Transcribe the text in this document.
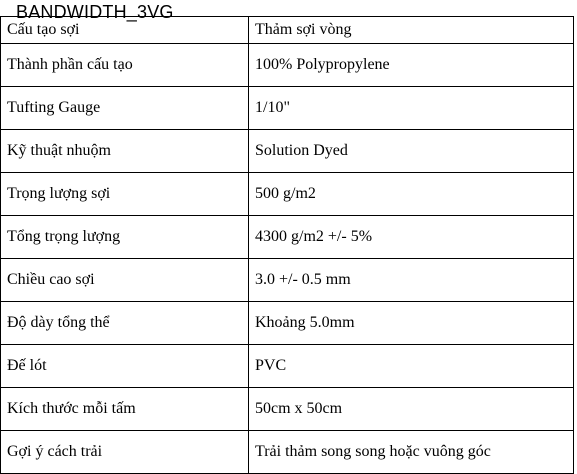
Cấu tạo sợi	Thảm sợi vòng
Thành phần cấu tạo	100% Polypropylene
Tufting Gauge	1/10"
Kỹ thuật nhuộm	Solution Dyed
Trọng lượng sợi	500 g/m2
Tổng trọng lượng	4300 g/m2 +/- 5%
Chiều cao sợi	3.0 +/- 0.5 mm
Độ dày tổng thể	Khoảng 5.0mm
Đế lót	PVC
Kích thước mỗi tấm	50cm x 50cm
Gợi ý cách trải	Trải thảm song song hoặc vuông góc
BANDWIDTH_3VG
